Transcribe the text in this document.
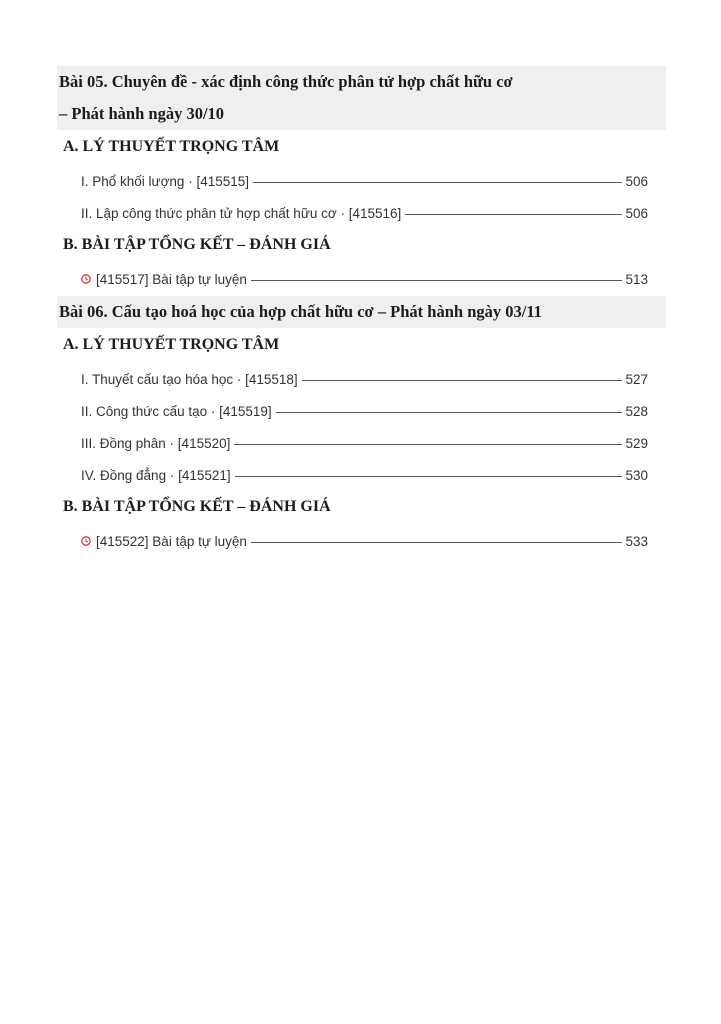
Bài 05. Chuyên đề - xác định công thức phân tử hợp chất hữu cơ
– Phát hành ngày 30/10
A. LÝ THUYẾT TRỌNG TÂM
I. Phổ khối lượng · [415515]	506
II. Lập công thức phân tử hợp chất hữu cơ · [415516]	506
B. BÀI TẬP TỔNG KẾT – ĐÁNH GIÁ
[415517] Bài tập tự luyện	513
Bài 06. Cấu tạo hoá học của hợp chất hữu cơ – Phát hành ngày 03/11
A. LÝ THUYẾT TRỌNG TÂM
I. Thuyết cấu tạo hóa học · [415518]	527
II. Công thức cấu tạo · [415519]	528
III. Đồng phân · [415520]	529
IV. Đồng đẳng · [415521]	530
B. BÀI TẬP TỔNG KẾT – ĐÁNH GIÁ
[415522] Bài tập tự luyện	533
